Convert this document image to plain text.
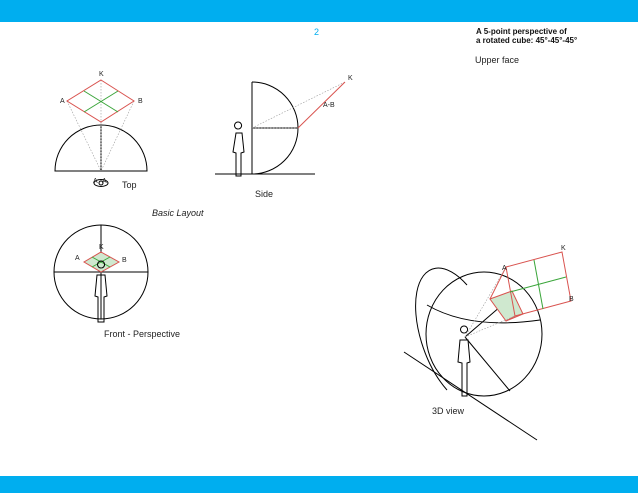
2	A 5-point perspective of
a rotated cube: 45°-45°-45°
Upper face
K
A	B
A A
K
A-B
K
A	B
A
K
B
Top
Side
Basic Layout
Front - Perspective
3D view
